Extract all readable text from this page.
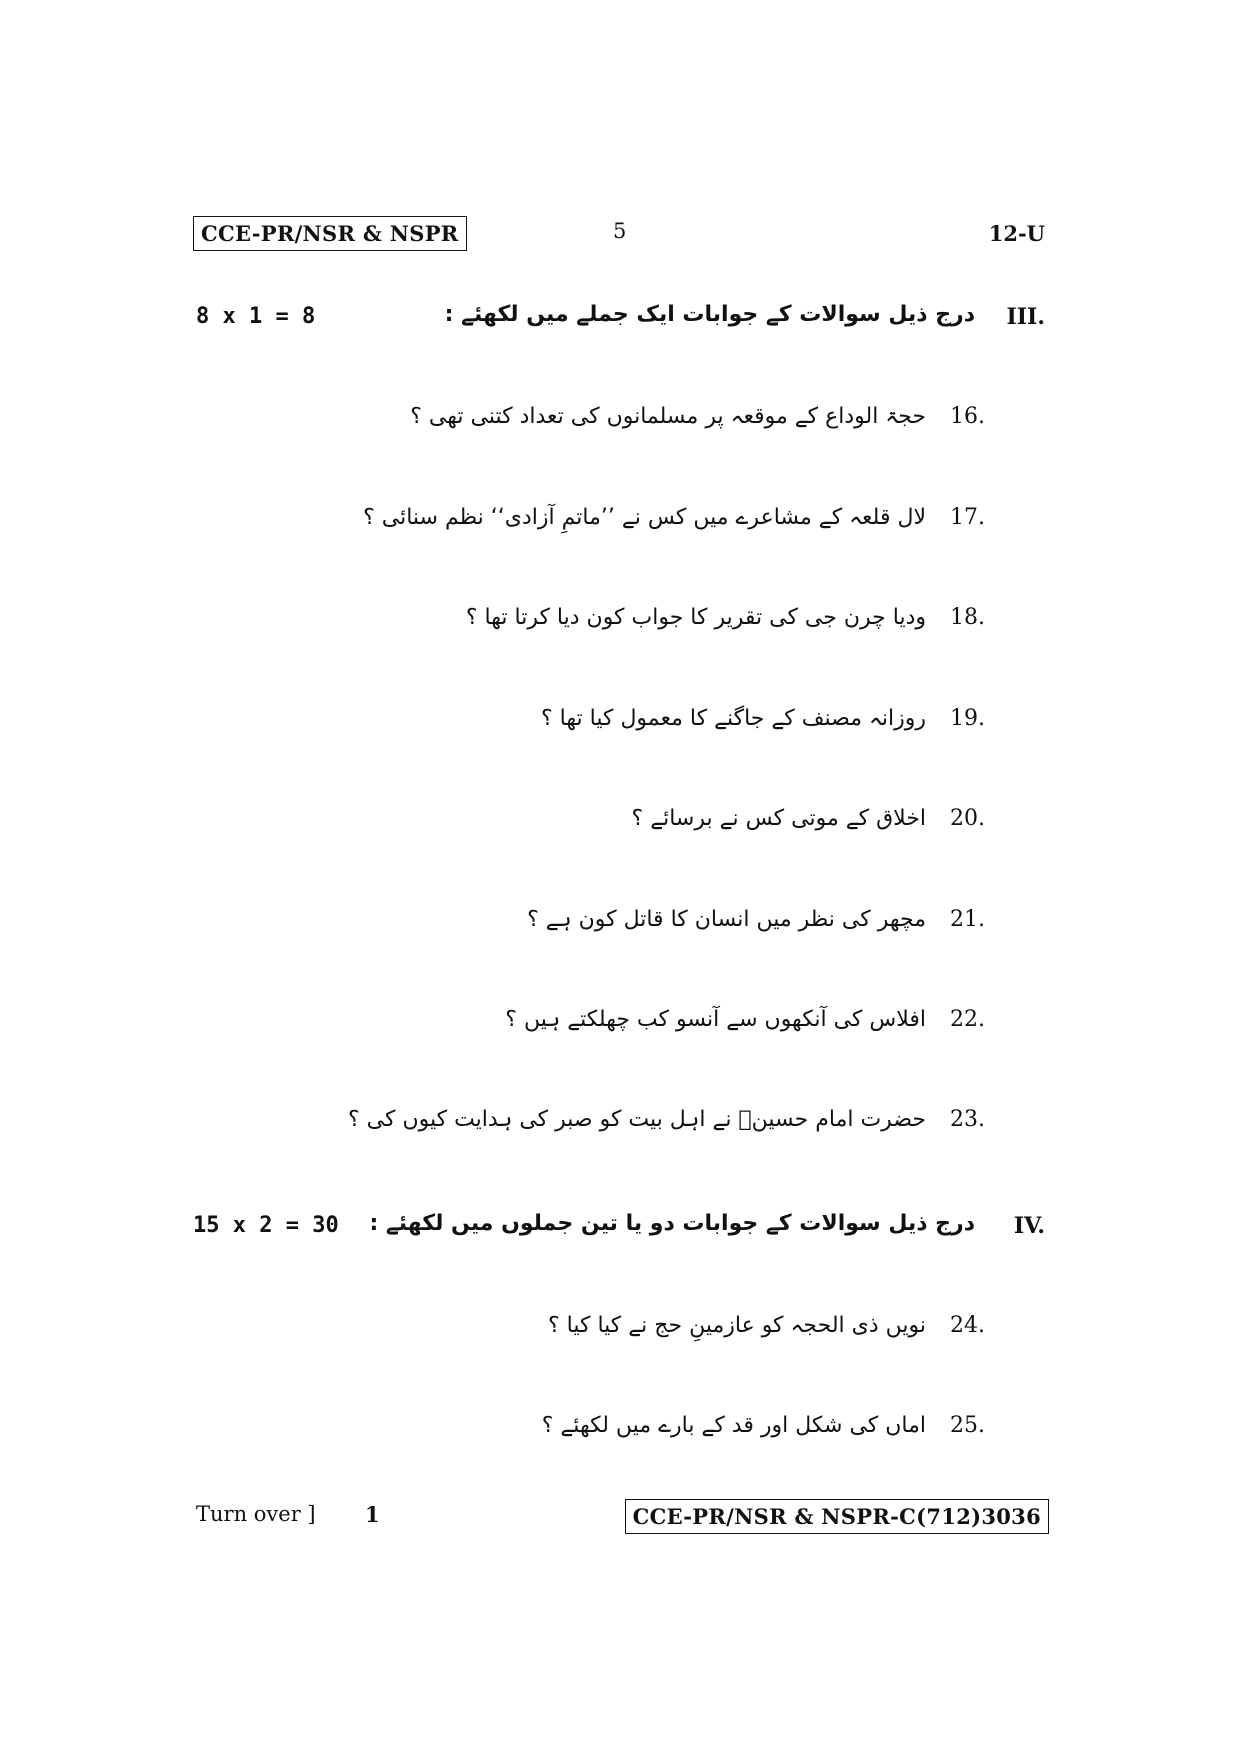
CCE-PR/NSR & NSPR	5	12-U
8 x 1 = 8	درج ذیل سوالات کے جوابات ایک جملے میں لکھئے : III.
حجۃ الوداع کے موقعہ پر مسلمانوں کی تعداد کتنی تھی ؟ 16.
لال قلعہ کے مشاعرے میں کس نے ’’ماتمِ آزادی‘‘ نظم سنائی ؟ 17.
ودیا چرن جی کی تقریر کا جواب کون دیا کرتا تھا ؟ 18.
روزانہ مصنف کے جاگنے کا معمول کیا تھا ؟ 19.
اخلاق کے موتی کس نے برسائے ؟ 20.
مچھر کی نظر میں انسان کا قاتل کون ہے ؟ 21.
افلاس کی آنکھوں سے آنسو کب چھلکتے ہیں ؟ 22.
حضرت امام حسینؓ نے اہل بیت کو صبر کی ہدایت کیوں کی ؟ 23.
15 x 2 = 30 درج ذیل سوالات کے جوابات دو یا تین جملوں میں لکھئے : IV.
نویں ذی الحجہ کو عازمینِ حج نے کیا کیا ؟ 24.
اماں کی شکل اور قد کے بارے میں لکھئے ؟ 25.
Turn over ] 1	CCE-PR/NSR & NSPR-C(712)3036
